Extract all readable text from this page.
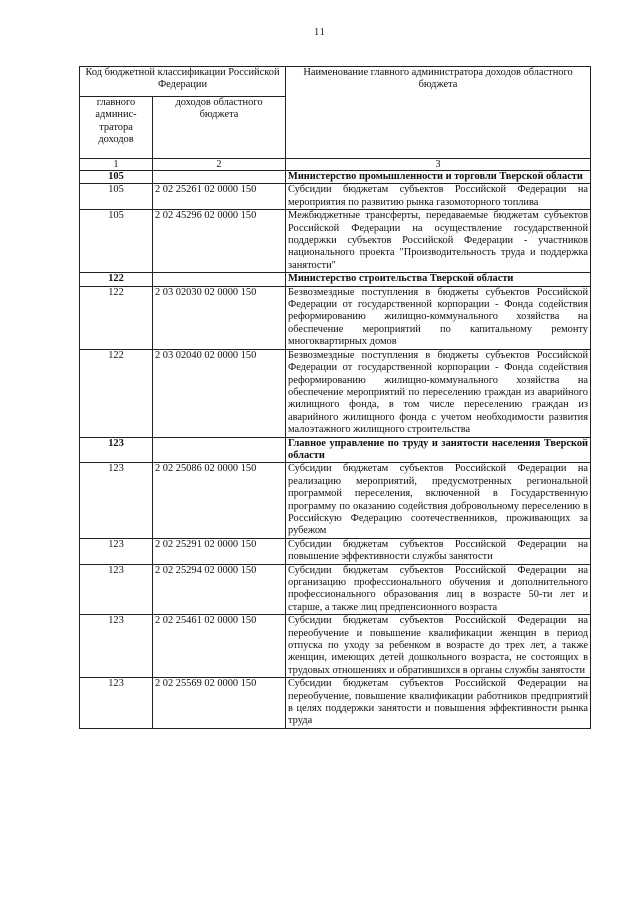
11
Код бюджетной классификации Российской Федерации		Наименование главного администратора доходов областного бюджета
главного админис-тратора доходов	доходов областного бюджета	
1	2	3
105		Министерство промышленности и торговли Тверской области
105	2 02 25261 02 0000 150	Субсидии бюджетам субъектов Российской Федерации на мероприятия по развитию рынка газомоторного топлива
105	2 02 45296 02 0000 150	Межбюджетные трансферты, передаваемые бюджетам субъектов Российской Федерации на осуществление государственной поддержки субъектов Российской Федерации - участников национального проекта "Производительность труда и поддержка занятости"
122		Министерство строительства Тверской области
122	2 03 02030 02 0000 150	Безвозмездные поступления в бюджеты субъектов Российской Федерации от государственной корпорации - Фонда содействия реформированию жилищно-коммунального хозяйства на обеспечение мероприятий по капитальному ремонту многоквартирных домов
122	2 03 02040 02 0000 150	Безвозмездные поступления в бюджеты субъектов Российской Федерации от государственной корпорации - Фонда содействия реформированию жилищно-коммунального хозяйства на обеспечение мероприятий по переселению граждан из аварийного жилищного фонда, в том числе переселению граждан из аварийного жилищного фонда с учетом необходимости развития малоэтажного жилищного строительства
123		Главное управление по труду и занятости населения Тверской области
123	2 02 25086 02 0000 150	Субсидии бюджетам субъектов Российской Федерации на реализацию мероприятий, предусмотренных региональной программой переселения, включенной в Государственную программу по оказанию содействия добровольному переселению в Российскую Федерацию соотечественников, проживающих за рубежом
123	2 02 25291 02 0000 150	Субсидии бюджетам субъектов Российской Федерации на повышение эффективности службы занятости
123	2 02 25294 02 0000 150	Субсидии бюджетам субъектов Российской Федерации на организацию профессионального обучения и дополнительного профессионального образования лиц в возрасте 50-ти лет и старше, а также лиц предпенсионного возраста
123	2 02 25461 02 0000 150	Субсидии бюджетам субъектов Российской Федерации на переобучение и повышение квалификации женщин в период отпуска по уходу за ребенком в возрасте до трех лет, а также женщин, имеющих детей дошкольного возраста, не состоящих в трудовых отношениях и обратившихся в органы службы занятости
123	2 02 25569 02 0000 150	Субсидии бюджетам субъектов Российской Федерации на переобучение, повышение квалификации работников предприятий в целях поддержки занятости и повышения эффективности рынка труда
